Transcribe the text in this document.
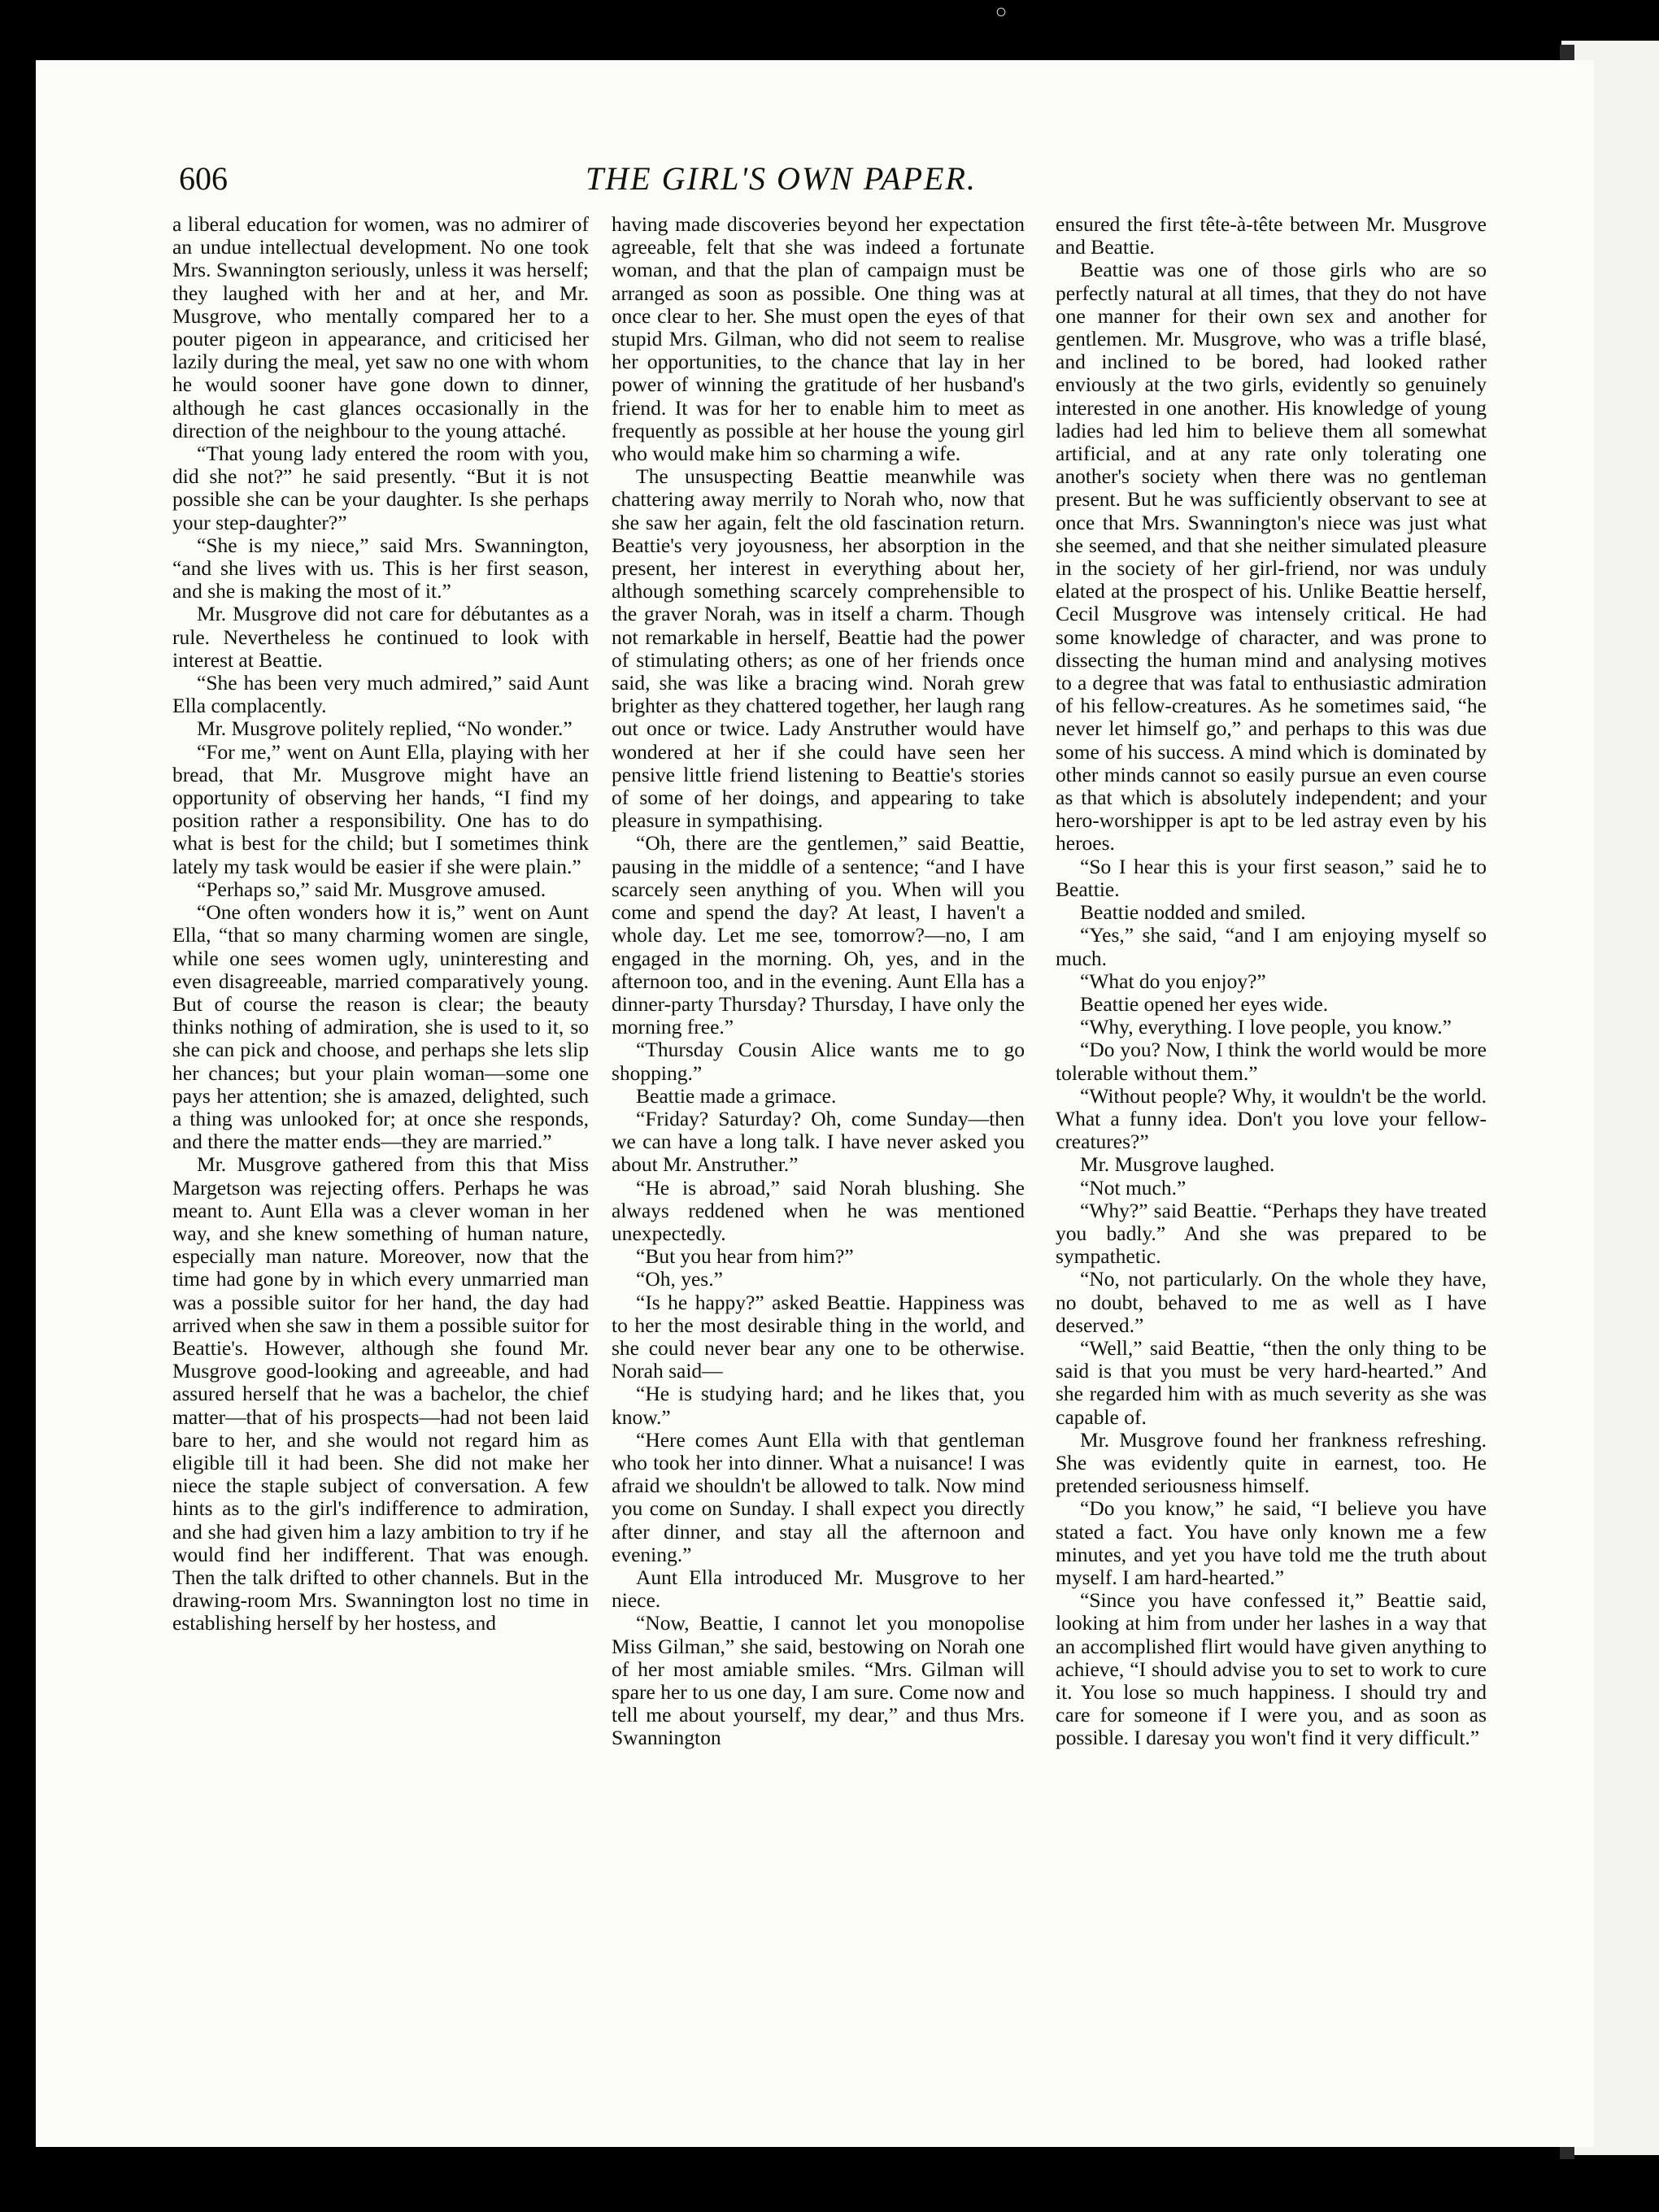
○
606	THE GIRL'S OWN PAPER.

a liberal education for women, was no admirer of an undue intellectual development. No one took Mrs. Swannington seriously, unless it was herself; they laughed with her and at her, and Mr. Musgrove, who mentally compared her to a pouter pigeon in appearance, and criticised her lazily during the meal, yet saw no one with whom he would sooner have gone down to dinner, although he cast glances occasionally in the direction of the neighbour to the young attaché.

“That young lady entered the room with you, did she not?” he said presently. “But it is not possible she can be your daughter. Is she perhaps your step-daughter?”

“She is my niece,” said Mrs. Swannington, “and she lives with us. This is her first season, and she is making the most of it.”

Mr. Musgrove did not care for débutantes as a rule. Nevertheless he continued to look with interest at Beattie.

“She has been very much admired,” said Aunt Ella complacently.

Mr. Musgrove politely replied, “No wonder.”

“For me,” went on Aunt Ella, playing with her bread, that Mr. Musgrove might have an opportunity of observing her hands, “I find my position rather a responsibility. One has to do what is best for the child; but I sometimes think lately my task would be easier if she were plain.”

“Perhaps so,” said Mr. Musgrove amused.

“One often wonders how it is,” went on Aunt Ella, “that so many charming women are single, while one sees women ugly, uninteresting and even disagreeable, married comparatively young. But of course the reason is clear; the beauty thinks nothing of admiration, she is used to it, so she can pick and choose, and perhaps she lets slip her chances; but your plain woman—some one pays her attention; she is amazed, delighted, such a thing was unlooked for; at once she responds, and there the matter ends—they are married.”

Mr. Musgrove gathered from this that Miss Margetson was rejecting offers. Perhaps he was meant to. Aunt Ella was a clever woman in her way, and she knew something of human nature, especially man nature. Moreover, now that the time had gone by in which every unmarried man was a possible suitor for her hand, the day had arrived when she saw in them a possible suitor for Beattie's. However, although she found Mr. Musgrove good-looking and agreeable, and had assured herself that he was a bachelor, the chief matter—that of his prospects—had not been laid bare to her, and she would not regard him as eligible till it had been. She did not make her niece the staple subject of conversation. A few hints as to the girl's indifference to admiration, and she had given him a lazy ambition to try if he would find her indifferent. That was enough. Then the talk drifted to other channels. But in the drawing-room Mrs. Swannington lost no time in establishing herself by her hostess, and

having made discoveries beyond her expectation agreeable, felt that she was indeed a fortunate woman, and that the plan of campaign must be arranged as soon as possible. One thing was at once clear to her. She must open the eyes of that stupid Mrs. Gilman, who did not seem to realise her opportunities, to the chance that lay in her power of winning the gratitude of her husband's friend. It was for her to enable him to meet as frequently as possible at her house the young girl who would make him so charming a wife.

The unsuspecting Beattie meanwhile was chattering away merrily to Norah who, now that she saw her again, felt the old fascination return. Beattie's very joyousness, her absorption in the present, her interest in everything about her, although something scarcely comprehensible to the graver Norah, was in itself a charm. Though not remarkable in herself, Beattie had the power of stimulating others; as one of her friends once said, she was like a bracing wind. Norah grew brighter as they chattered together, her laugh rang out once or twice. Lady Anstruther would have wondered at her if she could have seen her pensive little friend listening to Beattie's stories of some of her doings, and appearing to take pleasure in sympathising.

“Oh, there are the gentlemen,” said Beattie, pausing in the middle of a sentence; “and I have scarcely seen anything of you. When will you come and spend the day? At least, I haven't a whole day. Let me see, tomorrow?—no, I am engaged in the morning. Oh, yes, and in the afternoon too, and in the evening. Aunt Ella has a dinner-party Thursday? Thursday, I have only the morning free.”

“Thursday Cousin Alice wants me to go shopping.”

Beattie made a grimace.

“Friday? Saturday? Oh, come Sunday—then we can have a long talk. I have never asked you about Mr. Anstruther.”

“He is abroad,” said Norah blushing. She always reddened when he was mentioned unexpectedly.

“But you hear from him?”

“Oh, yes.”

“Is he happy?” asked Beattie. Happiness was to her the most desirable thing in the world, and she could never bear any one to be otherwise. Norah said—

“He is studying hard; and he likes that, you know.”

“Here comes Aunt Ella with that gentleman who took her into dinner. What a nuisance! I was afraid we shouldn't be allowed to talk. Now mind you come on Sunday. I shall expect you directly after dinner, and stay all the afternoon and evening.”

Aunt Ella introduced Mr. Musgrove to her niece.

“Now, Beattie, I cannot let you monopolise Miss Gilman,” she said, bestowing on Norah one of her most amiable smiles. “Mrs. Gilman will spare her to us one day, I am sure. Come now and tell me about yourself, my dear,” and thus Mrs. Swannington

ensured the first tête-à-tête between Mr. Musgrove and Beattie.

Beattie was one of those girls who are so perfectly natural at all times, that they do not have one manner for their own sex and another for gentlemen. Mr. Musgrove, who was a trifle blasé, and inclined to be bored, had looked rather enviously at the two girls, evidently so genuinely interested in one another. His knowledge of young ladies had led him to believe them all somewhat artificial, and at any rate only tolerating one another's society when there was no gentleman present. But he was sufficiently observant to see at once that Mrs. Swannington's niece was just what she seemed, and that she neither simulated pleasure in the society of her girl-friend, nor was unduly elated at the prospect of his. Unlike Beattie herself, Cecil Musgrove was intensely critical. He had some knowledge of character, and was prone to dissecting the human mind and analysing motives to a degree that was fatal to enthusiastic admiration of his fellow-creatures. As he sometimes said, “he never let himself go,” and perhaps to this was due some of his success. A mind which is dominated by other minds cannot so easily pursue an even course as that which is absolutely independent; and your hero-worshipper is apt to be led astray even by his heroes.

“So I hear this is your first season,” said he to Beattie.

Beattie nodded and smiled.

“Yes,” she said, “and I am enjoying myself so much.

“What do you enjoy?”

Beattie opened her eyes wide.

“Why, everything. I love people, you know.”

“Do you? Now, I think the world would be more tolerable without them.”

“Without people? Why, it wouldn't be the world. What a funny idea. Don't you love your fellow-creatures?”

Mr. Musgrove laughed.

“Not much.”

“Why?” said Beattie. “Perhaps they have treated you badly.” And she was prepared to be sympathetic.

“No, not particularly. On the whole they have, no doubt, behaved to me as well as I have deserved.”

“Well,” said Beattie, “then the only thing to be said is that you must be very hard-hearted.” And she regarded him with as much severity as she was capable of.

Mr. Musgrove found her frankness refreshing. She was evidently quite in earnest, too. He pretended seriousness himself.

“Do you know,” he said, “I believe you have stated a fact. You have only known me a few minutes, and yet you have told me the truth about myself. I am hard-hearted.”

“Since you have confessed it,” Beattie said, looking at him from under her lashes in a way that an accomplished flirt would have given anything to achieve, “I should advise you to set to work to cure it. You lose so much happiness. I should try and care for someone if I were you, and as soon as possible. I daresay you won't find it very difficult.”
